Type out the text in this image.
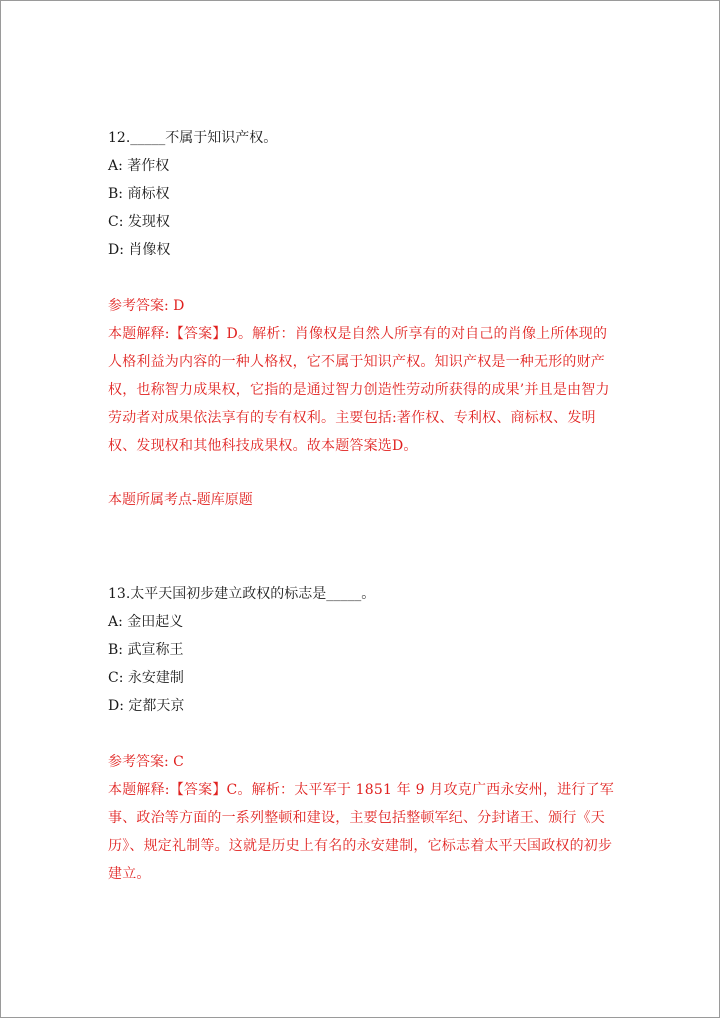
12._____不属于知识产权。

A: 著作权

B: 商标权

C: 发现权

D: 肖像权

参考答案: D

本题解释:【答案】D。解析：肖像权是自然人所享有的对自己的肖像上所体现的人格利益为内容的一种人格权，它不属于知识产权。知识产权是一种无形的财产权，也称智力成果权，它指的是通过智力创造性劳动所获得的成果’并且是由智力劳动者对成果依法享有的专有权利。主要包括:著作权、专利权、商标权、发明权、发现权和其他科技成果权。故本题答案选D。

本题所属考点-题库原题

13.太平天国初步建立政权的标志是_____。

A: 金田起义

B: 武宣称王

C: 永安建制

D: 定都天京

参考答案: C

本题解释:【答案】C。解析：太平军于 1851 年 9 月攻克广西永安州，进行了军事、政治等方面的一系列整顿和建设，主要包括整顿军纪、分封诸王、颁行《天历》、规定礼制等。这就是历史上有名的永安建制，它标志着太平天国政权的初步建立。
